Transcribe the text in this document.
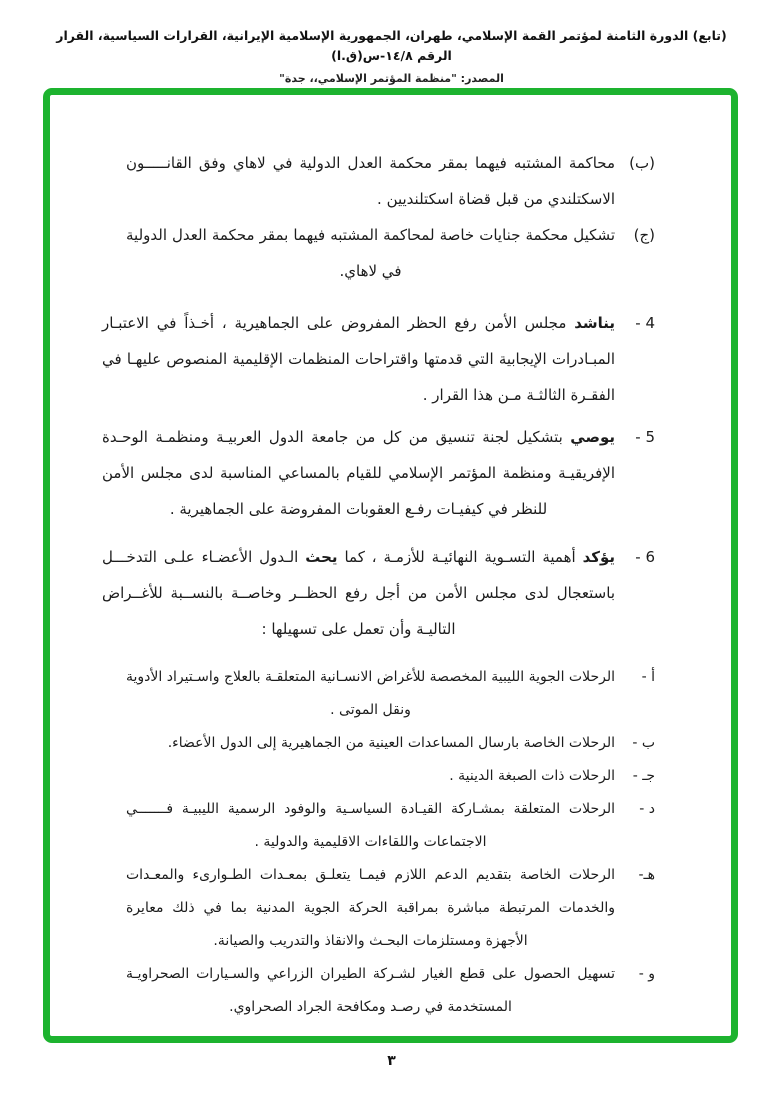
(تابع) الدورة الثامنة لمؤتمر القمة الإسلامي، طهران، الجمهورية الإسلامية الإيرانية، القرارات السياسية، القرار الرقم ١٤/٨-س(ق.ا)
المصدر: "منظمة المؤتمر الإسلامي،، جدة"
(ب)
محاكمة المشتبه فيهما بمقر محكمة العدل الدولية في لاهاي وفق القانـــــون الاسكتلندي من قبل قضاة اسكتلنديين .
(ج)
تشكيل محكمة جنايات خاصة لمحاكمة المشتبه فيهما بمقر محكمة العدل الدولية في لاهاي.
4 -
يناشد مجلس الأمن رفع الحظر المفروض على الجماهيرية ، أخـذاً في الاعتبـار المبـادرات الإيجابية التي قدمتها واقتراحات المنظمات الإقليمية المنصوص عليهـا في الفقـرة الثالثـة مـن هذا القرار .
5 -
يوصي بتشكيل لجنة تنسيق من كل من جامعة الدول العربيـة ومنظمـة الوحـدة الإفريقيـة ومنظمة المؤتمر الإسلامي للقيام بالمساعي المناسبة لدى مجلس الأمن للنظر في كيفيـات رفـع العقوبات المفروضة على الجماهيرية .
6 -
يؤكد أهمية التسـوية النهائيـة للأزمـة ، كما يحث الـدول الأعضـاء علـى التدخـــل باستعجال لدى مجلس الأمن من أجل رفع الحظــر وخاصــة بالنســبة للأغــراض التاليـة وأن تعمل على تسهيلها :
أ -
الرحلات الجوية الليبية المخصصة للأغراض الانسـانية المتعلقـة بالعلاج واسـتيراد الأدوية ونقل الموتى .
ب -
الرحلات الخاصة بارسال المساعدات العينية من الجماهيرية إلى الدول الأعضاء.
جـ -
الرحلات ذات الصبغة الدينية .
د -
الرحلات المتعلقة بمشـاركة القيـادة السياسـية والوفود الرسمية الليبيـة فـــــــي الاجتماعات واللقاءات الاقليمية والدولية .
هـ-
الرحلات الخاصة بتقديم الدعم اللازم فيمـا يتعلـق بمعـدات الطـوارىء والمعـدات والخدمات المرتبطة مباشرة بمراقبة الحركة الجوية المدنية بما في ذلك معايرة الأجهزة ومستلزمات البحـث والانقاذ والتدريب والصيانة.
و -
تسهيل الحصول على قطع الغيار لشـركة الطيران الزراعي والسـيارات الصحراويـة المستخدمة في رصـد ومكافحة الجراد الصحراوي.
٣
